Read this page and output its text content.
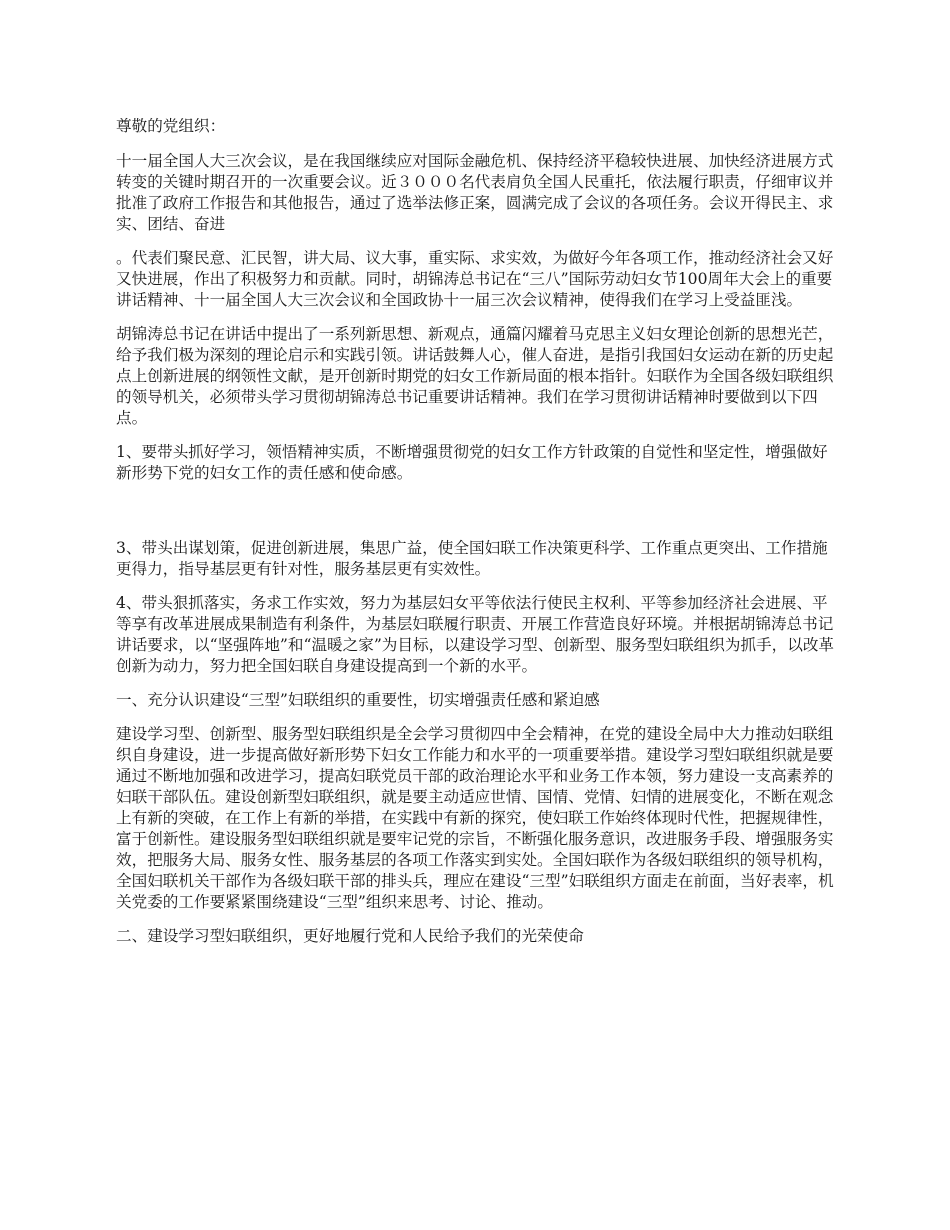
尊敬的党组织：

十一届全国人大三次会议，是在我国继续应对国际金融危机、保持经济平稳较快进展、加快经济进展方式转变的关键时期召开的一次重要会议。近３０００名代表肩负全国人民重托，依法履行职责，仔细审议并批准了政府工作报告和其他报告，通过了选举法修正案，圆满完成了会议的各项任务。会议开得民主、求实、团结、奋进

。代表们聚民意、汇民智，讲大局、议大事，重实际、求实效，为做好今年各项工作，推动经济社会又好又快进展，作出了积极努力和贡献。同时，胡锦涛总书记在“三八”国际劳动妇女节100周年大会上的重要讲话精神、十一届全国人大三次会议和全国政协十一届三次会议精神，使得我们在学习上受益匪浅。

胡锦涛总书记在讲话中提出了一系列新思想、新观点，通篇闪耀着马克思主义妇女理论创新的思想光芒，给予我们极为深刻的理论启示和实践引领。讲话鼓舞人心，催人奋进，是指引我国妇女运动在新的历史起点上创新进展的纲领性文献，是开创新时期党的妇女工作新局面的根本指针。妇联作为全国各级妇联组织的领导机关，必须带头学习贯彻胡锦涛总书记重要讲话精神。我们在学习贯彻讲话精神时要做到以下四点。

1、要带头抓好学习，领悟精神实质，不断增强贯彻党的妇女工作方针政策的自觉性和坚定性，增强做好新形势下党的妇女工作的责任感和使命感。

3、带头出谋划策，促进创新进展，集思广益，使全国妇联工作决策更科学、工作重点更突出、工作措施更得力，指导基层更有针对性，服务基层更有实效性。

4、带头狠抓落实，务求工作实效，努力为基层妇女平等依法行使民主权利、平等参加经济社会进展、平等享有改革进展成果制造有利条件，为基层妇联履行职责、开展工作营造良好环境。并根据胡锦涛总书记讲话要求，以“坚强阵地”和“温暖之家”为目标，以建设学习型、创新型、服务型妇联组织为抓手，以改革创新为动力，努力把全国妇联自身建设提高到一个新的水平。

一、充分认识建设“三型”妇联组织的重要性，切实增强责任感和紧迫感

建设学习型、创新型、服务型妇联组织是全会学习贯彻四中全会精神，在党的建设全局中大力推动妇联组织自身建设，进一步提高做好新形势下妇女工作能力和水平的一项重要举措。建设学习型妇联组织就是要通过不断地加强和改进学习，提高妇联党员干部的政治理论水平和业务工作本领，努力建设一支高素养的妇联干部队伍。建设创新型妇联组织，就是要主动适应世情、国情、党情、妇情的进展变化，不断在观念上有新的突破，在工作上有新的举措，在实践中有新的探究，使妇联工作始终体现时代性，把握规律性，富于创新性。建设服务型妇联组织就是要牢记党的宗旨，不断强化服务意识，改进服务手段、增强服务实效，把服务大局、服务女性、服务基层的各项工作落实到实处。全国妇联作为各级妇联组织的领导机构，全国妇联机关干部作为各级妇联干部的排头兵，理应在建设“三型”妇联组织方面走在前面，当好表率，机关党委的工作要紧紧围绕建设“三型”组织来思考、讨论、推动。

二、建设学习型妇联组织，更好地履行党和人民给予我们的光荣使命
